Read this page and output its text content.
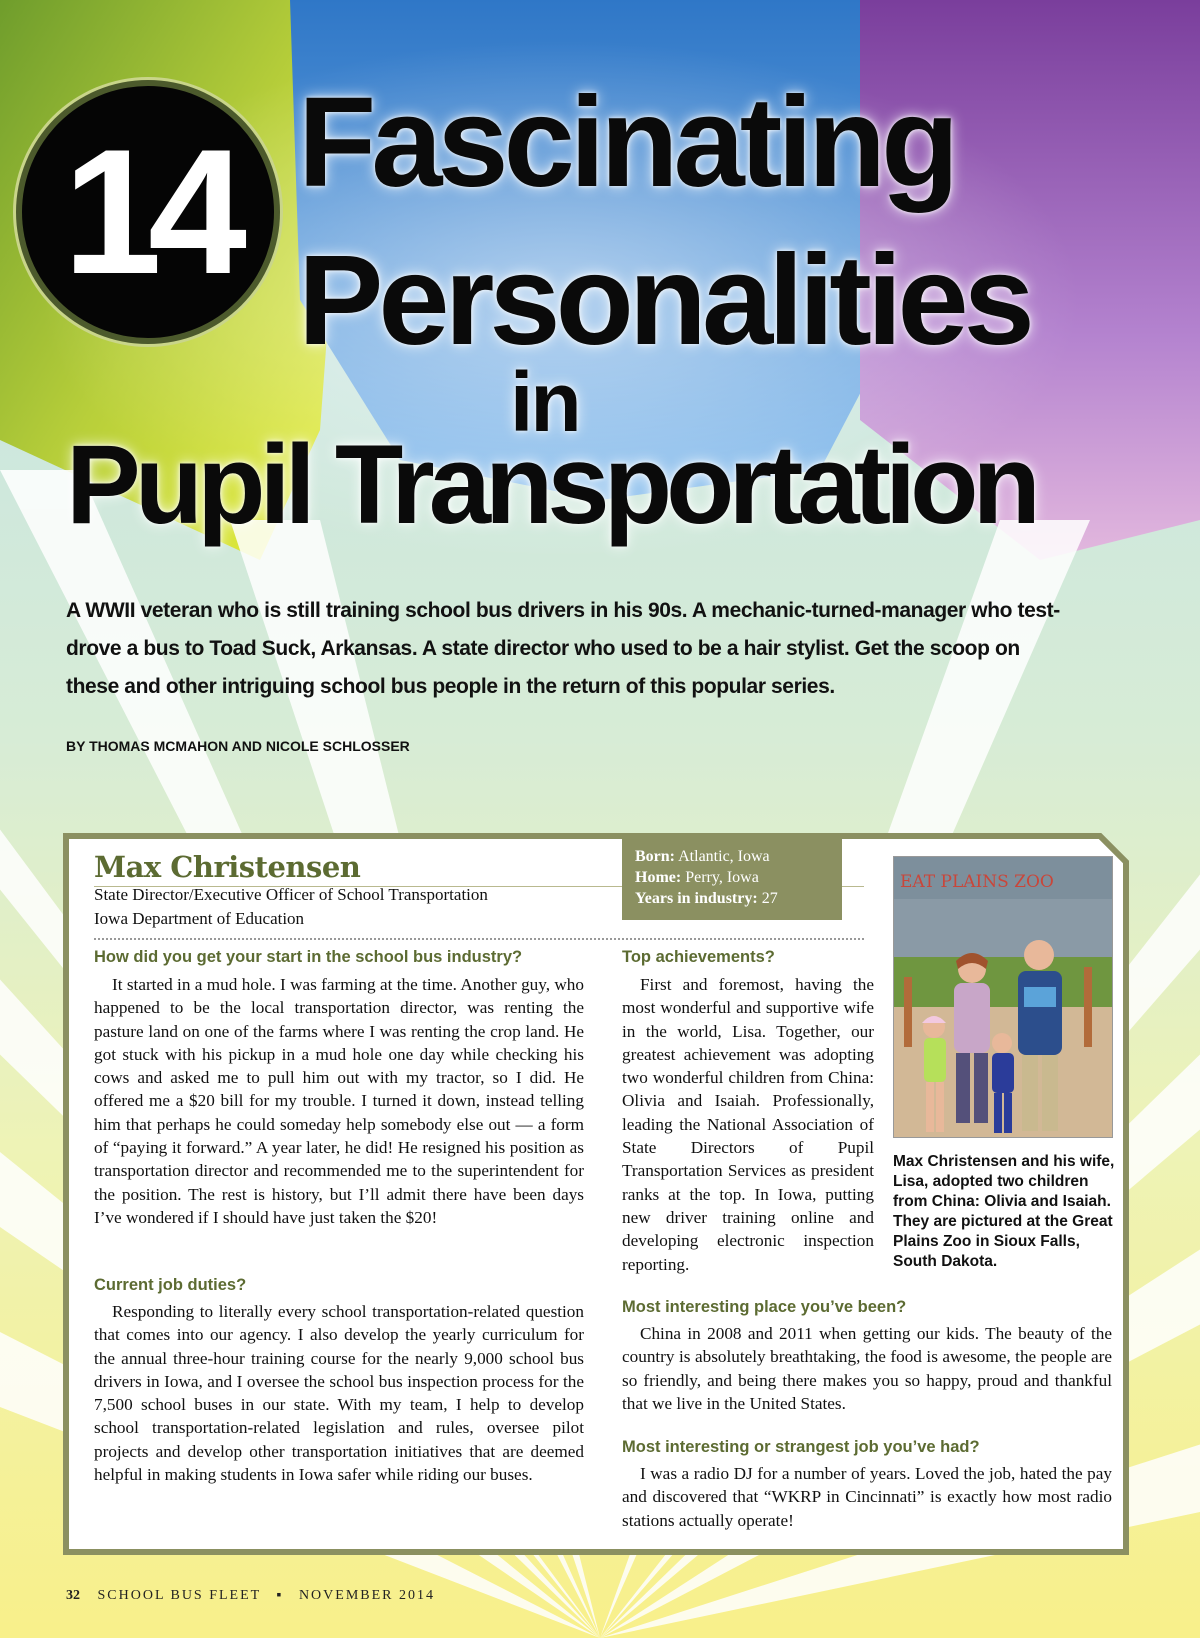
14 Fascinating
Personalities
in
Pupil Transportation
A WWII veteran who is still training school bus drivers in his 90s. A mechanic-turned-manager who test-drove a bus to Toad Suck, Arkansas. A state director who used to be a hair stylist. Get the scoop on these and other intriguing school bus people in the return of this popular series.
BY THOMAS MCMAHON AND NICOLE SCHLOSSER
Max Christensen
State Director/Executive Officer of School Transportation
Iowa Department of Education
Born: Atlantic, Iowa
Home: Perry, Iowa
Years in industry: 27
EAT PLAINS ZOO
Max Christensen and his wife, Lisa, adopted two children from China: Olivia and Isaiah. They are pictured at the Great Plains Zoo in Sioux Falls, South Dakota.
How did you get your start in the school bus industry?

It started in a mud hole. I was farming at the time. Another guy, who happened to be the local transportation director, was renting the pasture land on one of the farms where I was renting the crop land. He got stuck with his pickup in a mud hole one day while checking his cows and asked me to pull him out with my tractor, so I did. He offered me a $20 bill for my trouble. I turned it down, instead telling him that perhaps he could someday help somebody else out — a form of “paying it forward.” A year later, he did! He resigned his position as transportation director and recommended me to the superintendent for the position. The rest is history, but I’ll admit there have been days I’ve wondered if I should have just taken the $20!

Current job duties?

Responding to literally every school transportation-related question that comes into our agency. I also develop the yearly curriculum for the annual three-hour training course for the nearly 9,000 school bus drivers in Iowa, and I oversee the school bus inspection process for the 7,500 school buses in our state. With my team, I help to develop school transportation-related legislation and rules, oversee pilot projects and develop other transportation initiatives that are deemed helpful in making students in Iowa safer while riding our buses.

Top achievements?

First and foremost, having the most wonderful and supportive wife in the world, Lisa. Together, our greatest achievement was adopting two wonderful children from China: Olivia and Isaiah. Professionally, leading the National Association of State Directors of Pupil Transportation Services as president ranks at the top. In Iowa, putting new driver training online and developing electronic inspection reporting.

Most interesting place you’ve been?

China in 2008 and 2011 when getting our kids. The beauty of the country is absolutely breathtaking, the food is awesome, the people are so friendly, and being there makes you so happy, proud and thankful that we live in the United States.

Most interesting or strangest job you’ve had?

I was a radio DJ for a number of years. Loved the job, hated the pay and discovered that “WKRP in Cincinnati” is exactly how most radio stations actually operate!

32 SCHOOL BUS FLEET ▪ NOVEMBER 2014
